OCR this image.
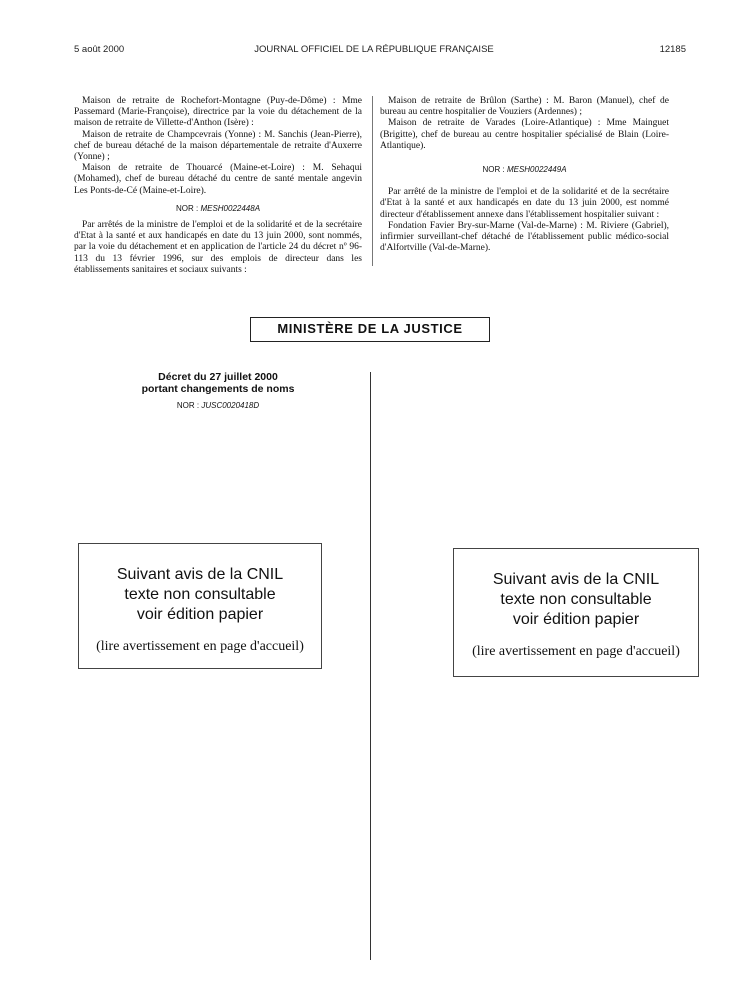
JOURNAL OFFICIEL DE LA RÉPUBLIQUE FRANÇAISE
5 août 2000	12185

Maison de retraite de Rochefort-Montagne (Puy-de-Dôme) : Mme Passemard (Marie-Françoise), directrice par la voie du détachement de la maison de retraite de Villette-d'Anthon (Isère) :

Maison de retraite de Champcevrais (Yonne) : M. Sanchis (Jean-Pierre), chef de bureau détaché de la maison départementale de retraite d'Auxerre (Yonne) ;

Maison de retraite de Thouarcé (Maine-et-Loire) : M. Sehaqui (Mohamed), chef de bureau détaché du centre de santé mentale angevin Les Ponts-de-Cé (Maine-et-Loire).

NOR : MESH0022448A

Par arrêtés de la ministre de l'emploi et de la solidarité et de la secrétaire d'Etat à la santé et aux handicapés en date du 13 juin 2000, sont nommés, par la voie du détachement et en application de l'article 24 du décret nº 96-113 du 13 février 1996, sur des emplois de directeur dans les établissements sanitaires et sociaux suivants :

Maison de retraite de Brûlon (Sarthe) : M. Baron (Manuel), chef de bureau au centre hospitalier de Vouziers (Ardennes) ;

Maison de retraite de Varades (Loire-Atlantique) : Mme Mainguet (Brigitte), chef de bureau au centre hospitalier spécialisé de Blain (Loire-Atlantique).

NOR : MESH0022449A

Par arrêté de la ministre de l'emploi et de la solidarité et de la secrétaire d'Etat à la santé et aux handicapés en date du 13 juin 2000, est nommé directeur d'établissement annexe dans l'établissement hospitalier suivant :

Fondation Favier Bry-sur-Marne (Val-de-Marne) : M. Riviere (Gabriel), infirmier surveillant-chef détaché de l'établissement public médico-social d'Alfortville (Val-de-Marne).

MINISTÈRE DE LA JUSTICE
Décret du 27 juillet 2000
portant changements de noms
NOR : JUSC0020418D
Suivant avis de la CNIL
texte non consultable
voir édition papier
(lire avertissement en page d'accueil)
Suivant avis de la CNIL
texte non consultable
voir édition papier
(lire avertissement en page d'accueil)
